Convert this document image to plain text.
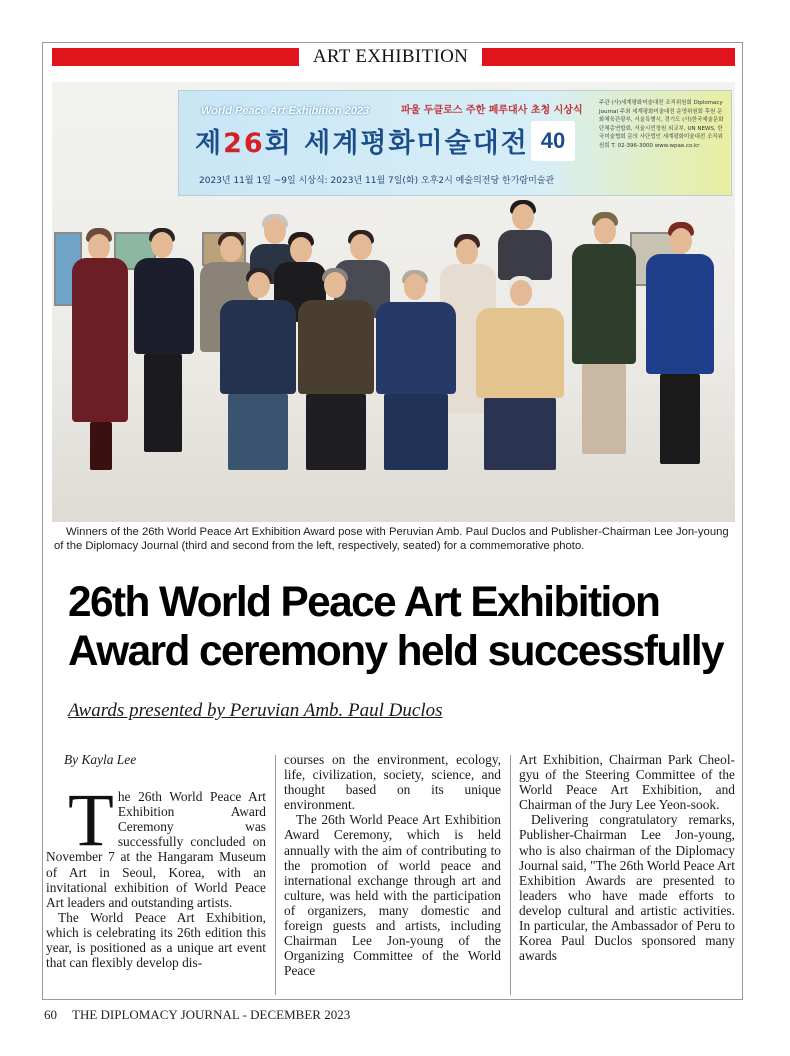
ART EXHIBITION
World Peace Art Exhibition 2023	파울 두클로스 주한 페루대사 초청 시상식
제26회 세계평화미술대전 40
2023년 11월 1일 ~9일 시상식: 2023년 11월 7일(화) 오후2시 예술의전당 한가람미술관
주관 (사)세계평화미술대전 조직위원회 Diplomacy Journal 주최 세계평화미술대전 운영위원회 후원 문화체육관광부, 서울특별시, 경기도 (사)한국예술문화단체총연합회, 서울시민정원 외교부, UN NEWS, 한국미술협회 문의 사단법인 세계평화미술대전 조직위원회 T. 02-396-3000 www.wpae.co.kr
Winners of the 26th World Peace Art Exhibition Award pose with Peruvian Amb. Paul Duclos and Publisher-Chairman Lee Jon-young of the Diplomacy Journal (third and second from the left, respectively, seated) for a commemorative photo.
26th World Peace Art Exhibition
Award ceremony held successfully
Awards presented by Peruvian Amb. Paul Duclos
By Kayla Lee
T he 26th World Peace Art Exhibition Award Ceremony was successfully concluded on November 7 at the Hangaram Museum of Art in Seoul, Korea, with an invitational exhibition of World Peace Art leaders and outstanding artists.

The World Peace Art Exhibition, which is celebrating its 26th edition this year, is positioned as a unique art event that can flexibly develop dis-

courses on the environment, ecology, life, civilization, society, science, and thought based on its unique environment.

The 26th World Peace Art Exhibition Award Ceremony, which is held annually with the aim of contributing to the promotion of world peace and international exchange through art and culture, was held with the participation of organizers, many domestic and foreign guests and artists, including Chairman Lee Jon-young of the Organizing Committee of the World Peace

Art Exhibition, Chairman Park Cheol-gyu of the Steering Committee of the World Peace Art Exhibition, and Chairman of the Jury Lee Yeon-sook.

Delivering congratulatory remarks, Publisher-Chairman Lee Jon-young, who is also chairman of the Diplomacy Journal said, "The 26th World Peace Art Exhibition Awards are presented to leaders who have made efforts to develop cultural and artistic activities. In particular, the Ambassador of Peru to Korea Paul Duclos sponsored many awards

60 THE DIPLOMACY JOURNAL - DECEMBER 2023
